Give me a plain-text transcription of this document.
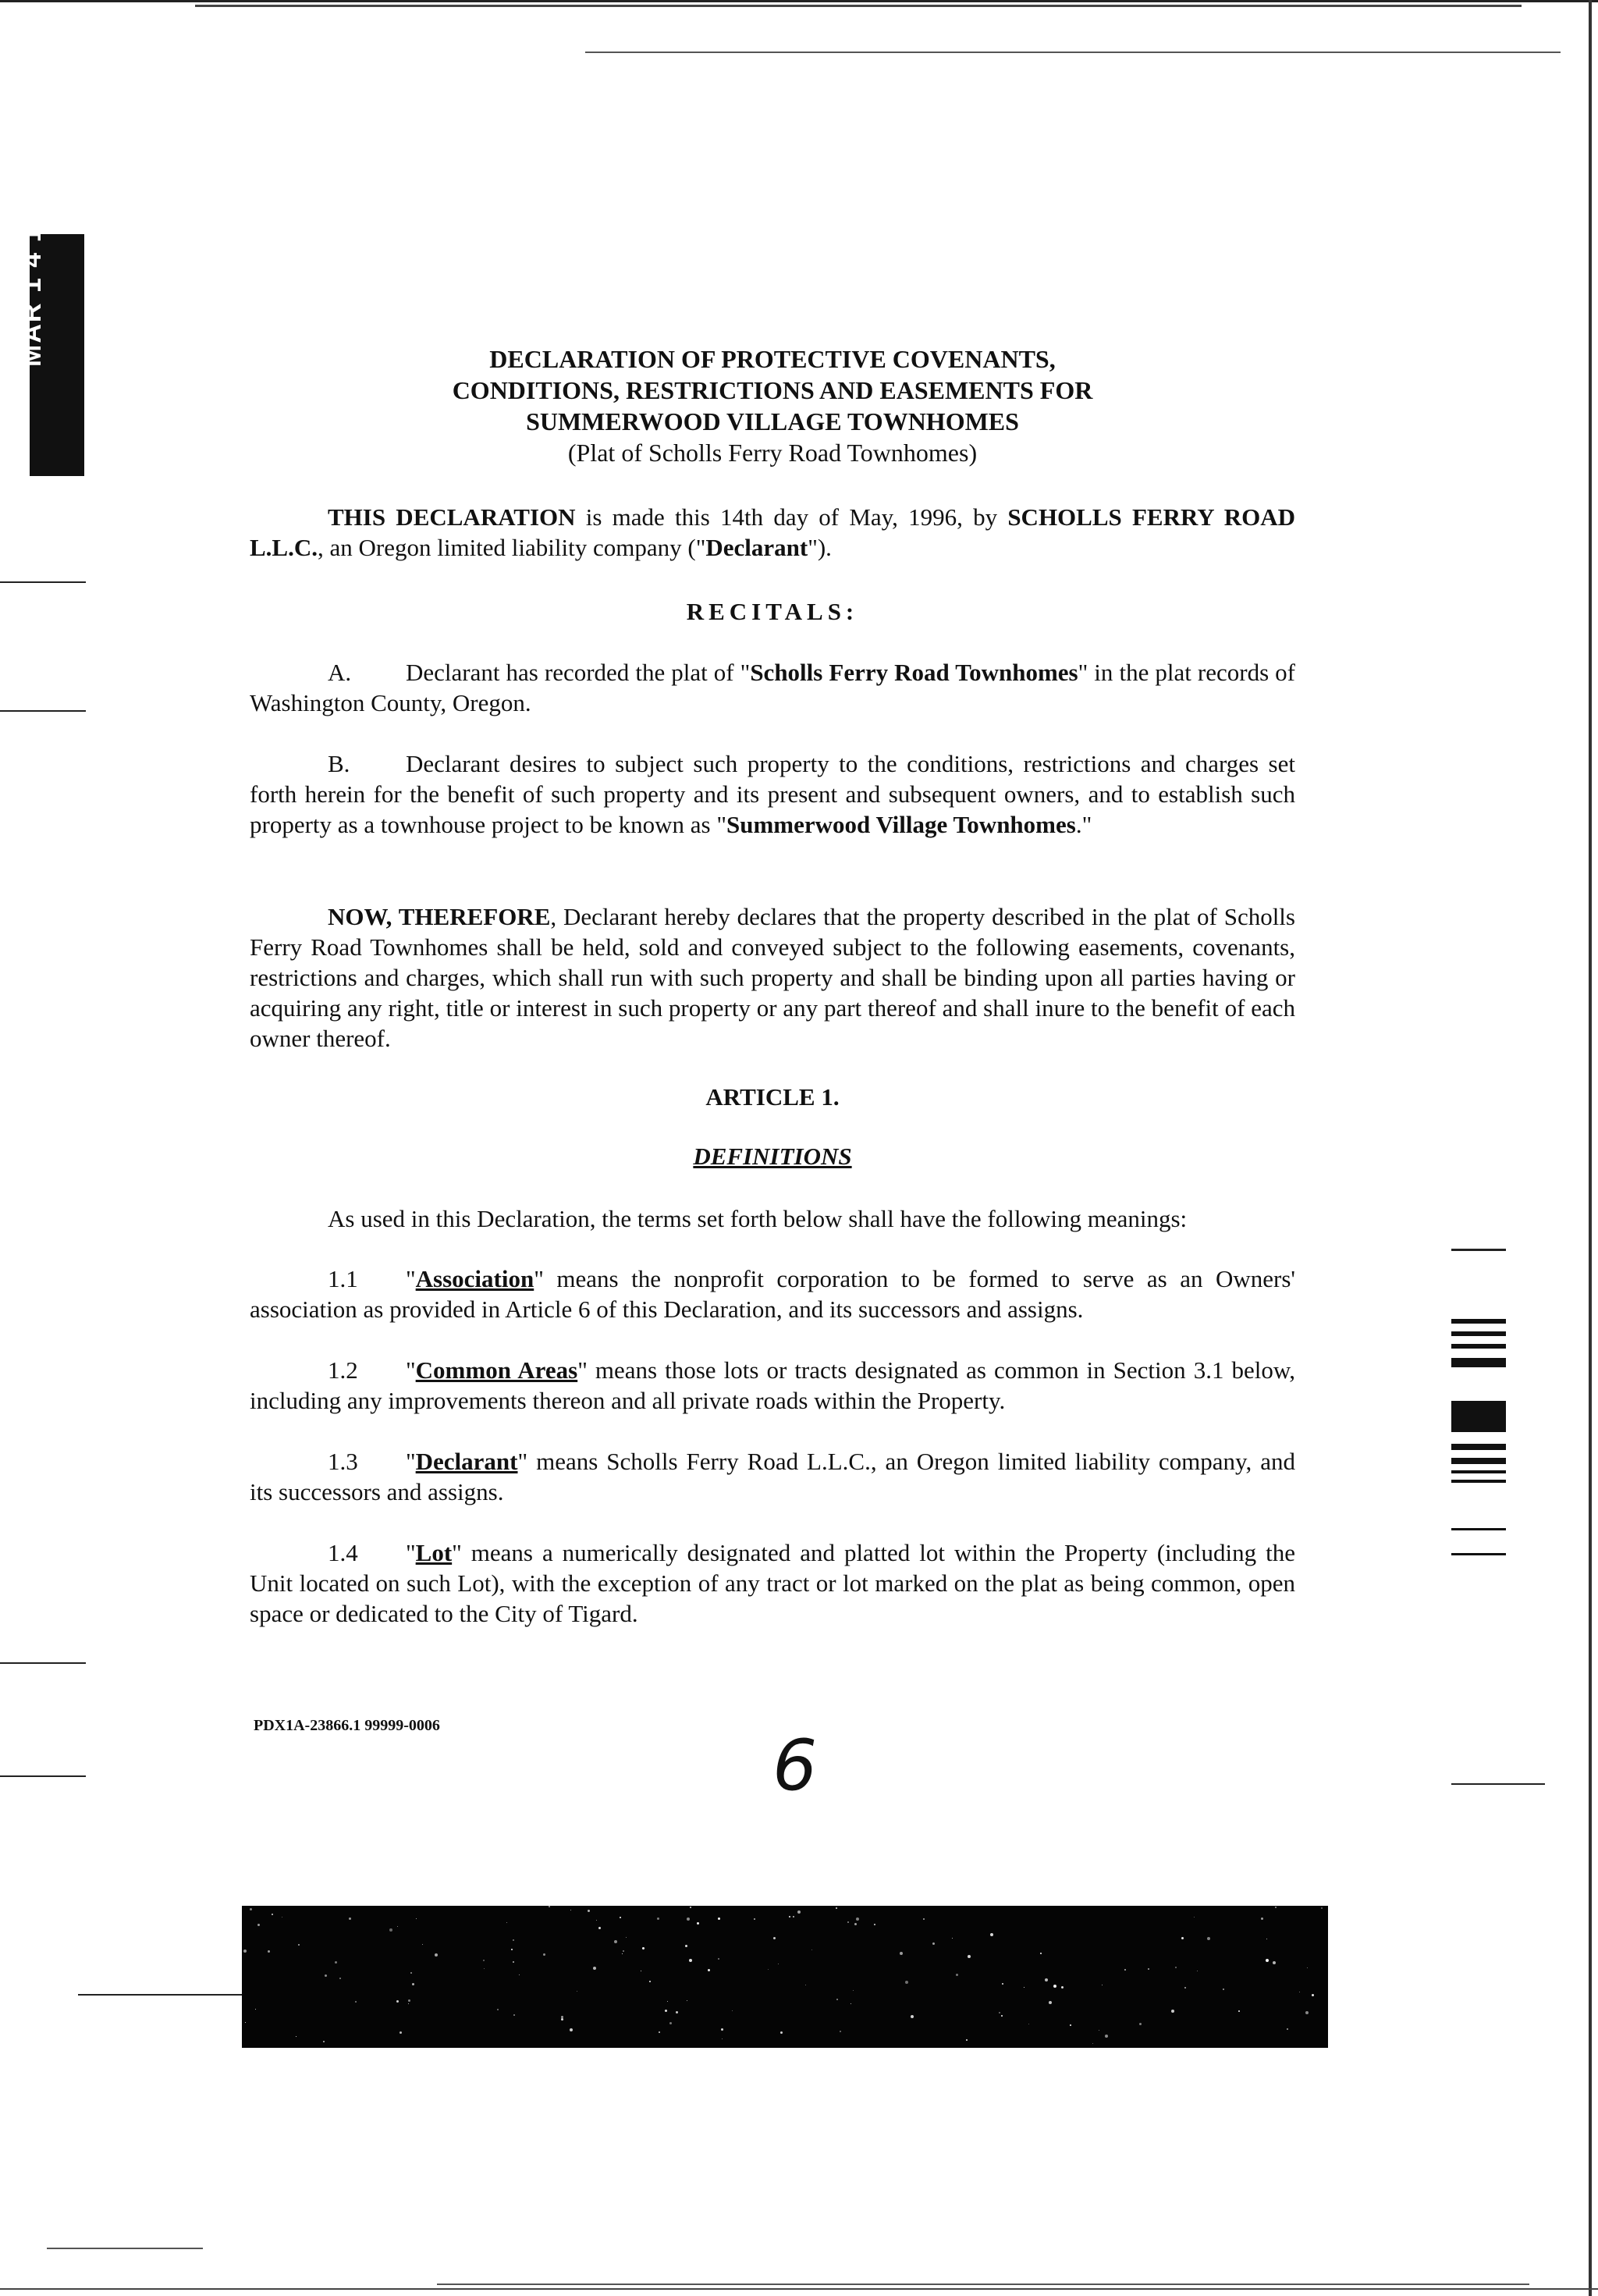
MAR 1 4 1997	DECLARATION OF PROTECTIVE COVENANTS,
CONDITIONS, RESTRICTIONS AND EASEMENTS FOR
SUMMERWOOD VILLAGE TOWNHOMES
(Plat of Scholls Ferry Road Townhomes)
THIS DECLARATION is made this 14th day of May, 1996, by SCHOLLS FERRY ROAD L.L.C., an Oregon limited liability company ("Declarant").
RECITALS:
A. Declarant has recorded the plat of "Scholls Ferry Road Townhomes" in the plat records of Washington County, Oregon.
B. Declarant desires to subject such property to the conditions, restrictions and charges set forth herein for the benefit of such property and its present and subsequent owners, and to establish such property as a townhouse project to be known as "Summerwood Village Townhomes."
NOW, THEREFORE, Declarant hereby declares that the property described in the plat of Scholls Ferry Road Townhomes shall be held, sold and conveyed subject to the following easements, covenants, restrictions and charges, which shall run with such property and shall be binding upon all parties having or acquiring any right, title or interest in such property or any part thereof and shall inure to the benefit of each owner thereof.
ARTICLE 1.
DEFINITIONS
As used in this Declaration, the terms set forth below shall have the following meanings:
1.1 "Association" means the nonprofit corporation to be formed to serve as an Owners' association as provided in Article 6 of this Declaration, and its successors and assigns.
1.2 "Common Areas" means those lots or tracts designated as common in Section 3.1 below, including any improvements thereon and all private roads within the Property.
1.3 "Declarant" means Scholls Ferry Road L.L.C., an Oregon limited liability company, and its successors and assigns.
1.4 "Lot" means a numerically designated and platted lot within the Property (including the Unit located on such Lot), with the exception of any tract or lot marked on the plat as being common, open space or dedicated to the City of Tigard.
PDX1A-23866.1 99999-0006	6
